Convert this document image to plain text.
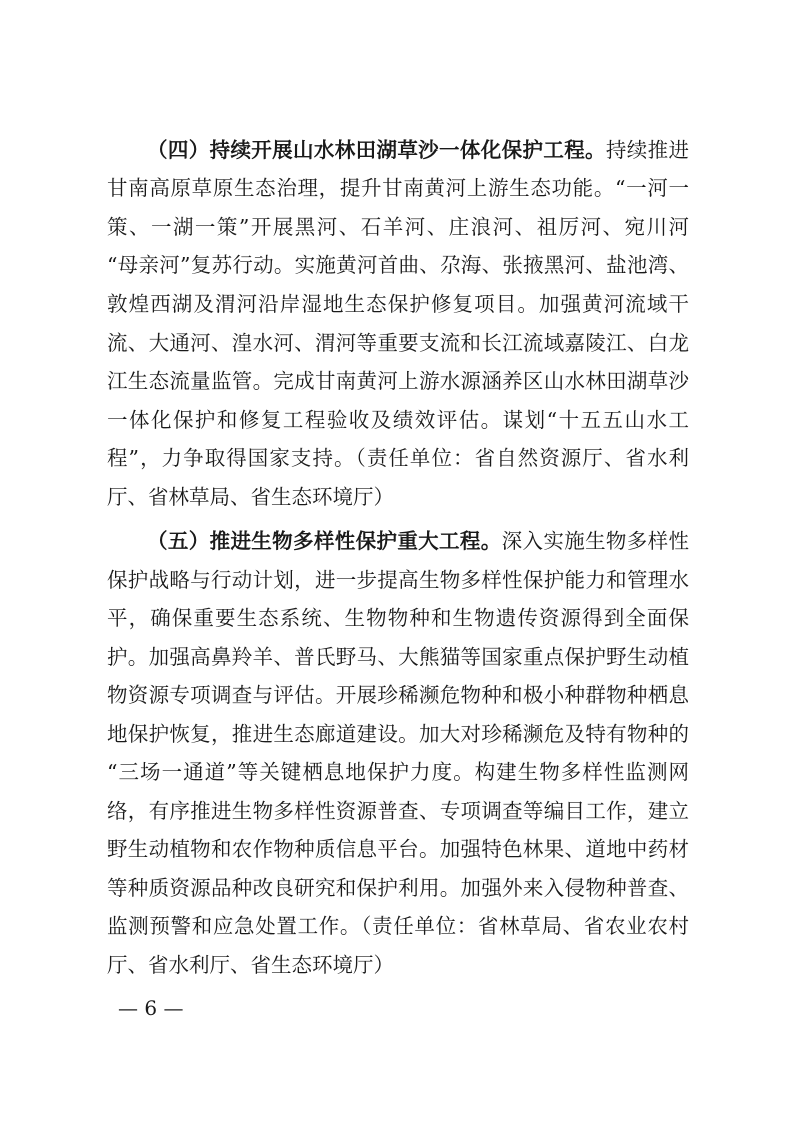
（四）持续开展山水林田湖草沙一体化保护工程。持续推进
甘南高原草原生态治理，提升甘南黄河上游生态功能。“一河一
策、一湖一策”开展黑河、石羊河、庄浪河、祖厉河、宛川河
“母亲河”复苏行动。实施黄河首曲、尕海、张掖黑河、盐池湾、
敦煌西湖及渭河沿岸湿地生态保护修复项目。加强黄河流域干
流、大通河、湟水河、渭河等重要支流和长江流域嘉陵江、白龙
江生态流量监管。完成甘南黄河上游水源涵养区山水林田湖草沙
一体化保护和修复工程验收及绩效评估。谋划“十五五山水工
程”，力争取得国家支持。（责任单位：省自然资源厅、省水利
厅、省林草局、省生态环境厅）
（五）推进生物多样性保护重大工程。深入实施生物多样性
保护战略与行动计划，进一步提高生物多样性保护能力和管理水
平，确保重要生态系统、生物物种和生物遗传资源得到全面保
护。加强高鼻羚羊、普氏野马、大熊猫等国家重点保护野生动植
物资源专项调查与评估。开展珍稀濒危物种和极小种群物种栖息
地保护恢复，推进生态廊道建设。加大对珍稀濒危及特有物种的
“三场一通道”等关键栖息地保护力度。构建生物多样性监测网
络，有序推进生物多样性资源普查、专项调查等编目工作，建立
野生动植物和农作物种质信息平台。加强特色林果、道地中药材
等种质资源品种改良研究和保护利用。加强外来入侵物种普查、
监测预警和应急处置工作。（责任单位：省林草局、省农业农村
厅、省水利厅、省生态环境厅）
— 6 —
